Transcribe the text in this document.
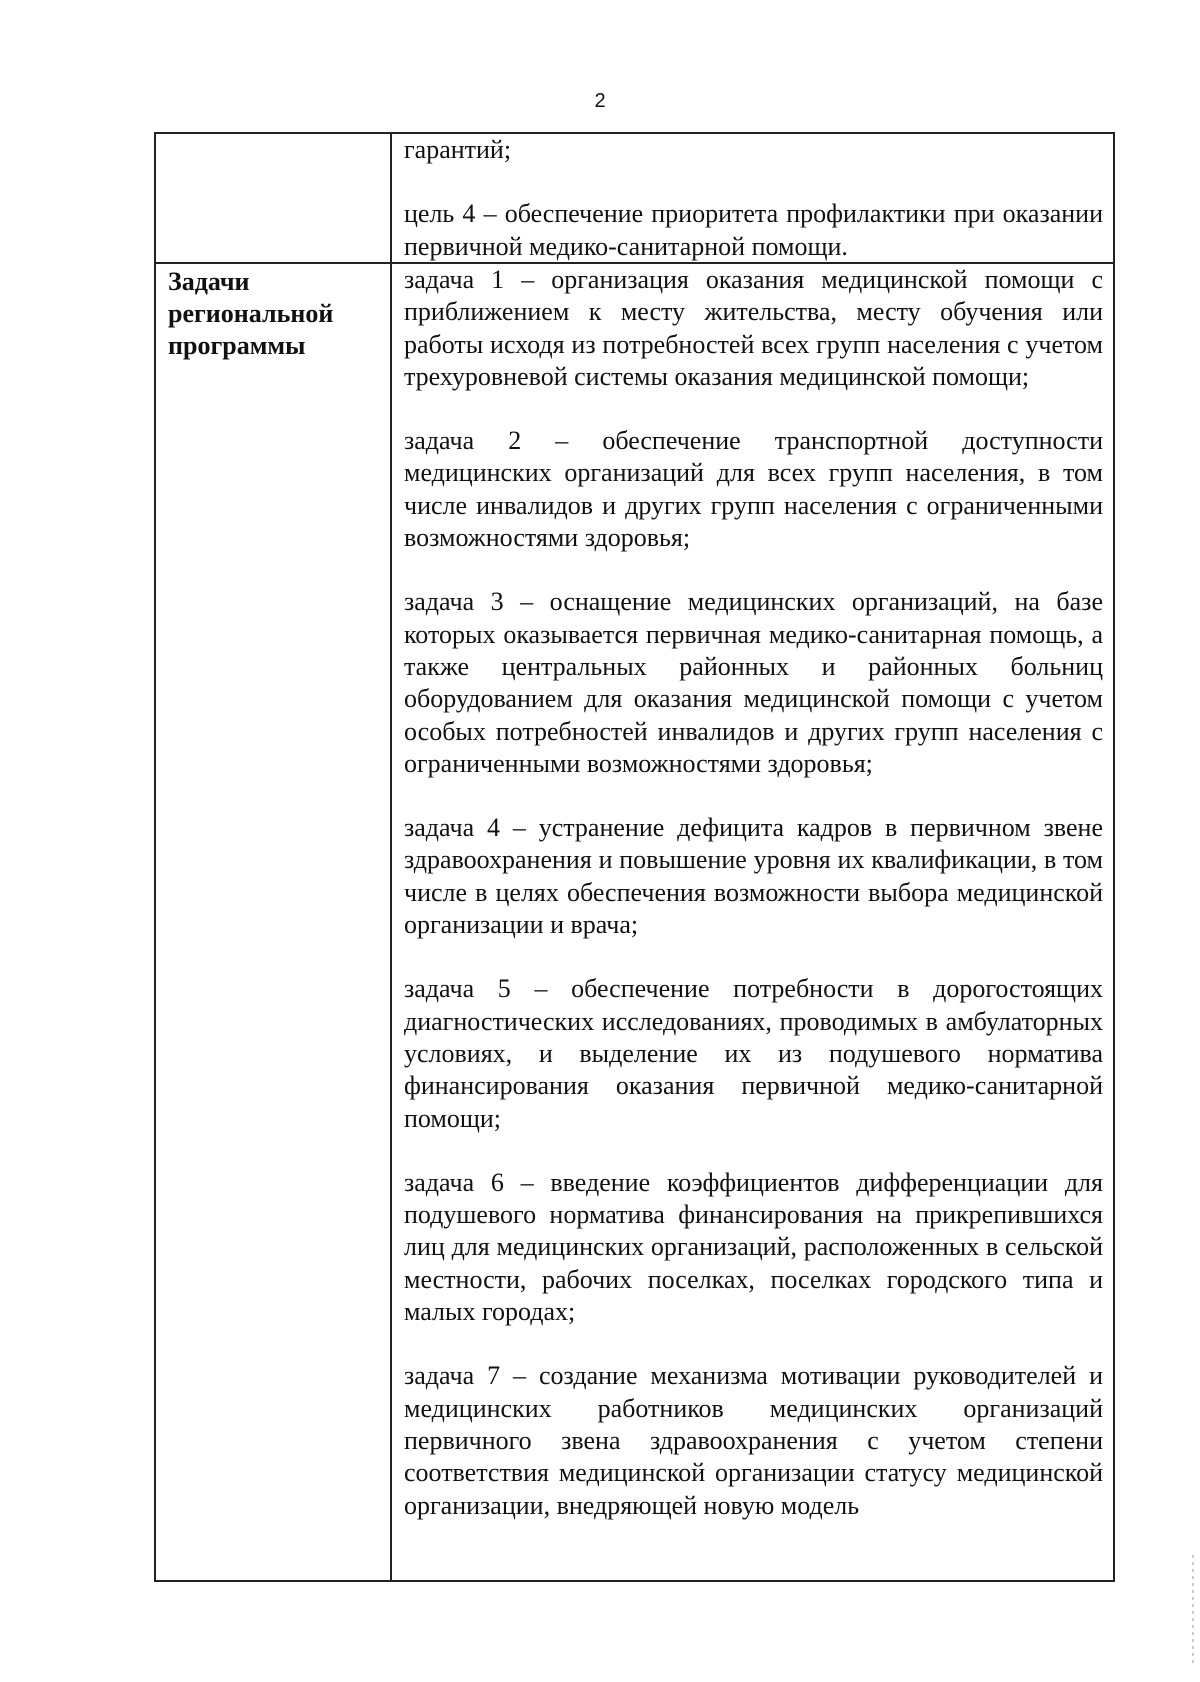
2

гарантий;

цель 4 – обеспечение приоритета профилактики при оказании первичной медико-санитарной помощи.

Задачи
региональной
программы

задача 1 – организация оказания медицинской помощи с приближением к месту жительства, месту обучения или работы исходя из потребностей всех групп населения с учетом трехуровневой системы оказания медицинской помощи;

задача 2 – обеспечение транспортной доступности медицинских организаций для всех групп населения, в том числе инвалидов и других групп населения с ограниченными возможностями здоровья;

задача 3 – оснащение медицинских организаций, на базе которых оказывается первичная медико-санитарная помощь, а также центральных районных и районных больниц оборудованием для оказания медицинской помощи с учетом особых потребностей инвалидов и других групп населения с ограниченными возможностями здоровья;

задача 4 – устранение дефицита кадров в первичном звене здравоохранения и повышение уровня их квалификации, в том числе в целях обеспечения возможности выбора медицинской организации и врача;

задача 5 – обеспечение потребности в дорогостоящих диагностических исследованиях, проводимых в амбулаторных условиях, и выделение их из подушевого норматива финансирования оказания первичной медико-санитарной помощи;

задача 6 – введение коэффициентов дифференциации для подушевого норматива финансирования на прикрепившихся лиц для медицинских организаций, расположенных в сельской местности, рабочих поселках, поселках городского типа и малых городах;

задача 7 – создание механизма мотивации руководителей и медицинских работников медицинских организаций первичного звена здравоохранения с учетом степени соответствия медицинской организации статусу медицинской организации, внедряющей новую модель
